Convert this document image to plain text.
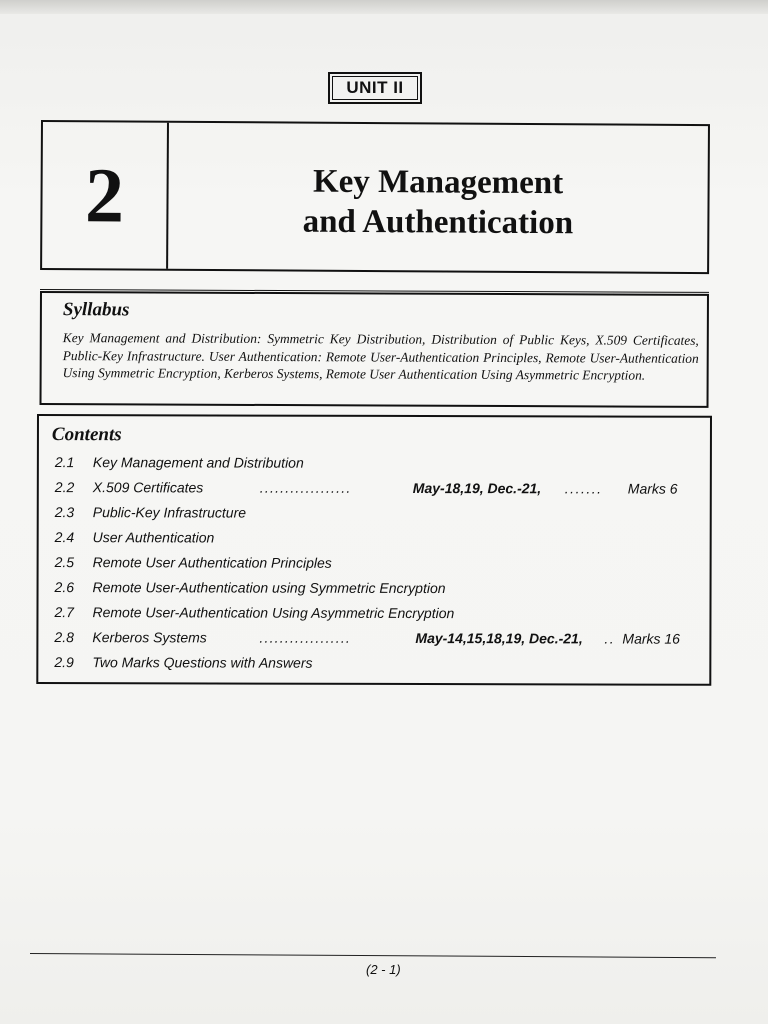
UNIT II
2	Key Management
and Authentication
Syllabus
Key Management and Distribution: Symmetric Key Distribution, Distribution of Public Keys, X.509 Certificates, Public-Key Infrastructure. User Authentication: Remote User-Authentication Principles, Remote User-Authentication Using Symmetric Encryption, Kerberos Systems, Remote User Authentication Using Asymmetric Encryption.
Contents
2.1 Key Management and Distribution
2.2 X.509 Certificates	..................	May-18,19, Dec.-21, ....... Marks 6
2.3 Public-Key Infrastructure
2.4 User Authentication
2.5 Remote User Authentication Principles
2.6 Remote User-Authentication using Symmetric Encryption
2.7 Remote User-Authentication Using Asymmetric Encryption
2.8 Kerberos Systems	..................	May-14,15,18,19, Dec.-21, .. Marks 16
2.9 Two Marks Questions with Answers
(2 - 1)
